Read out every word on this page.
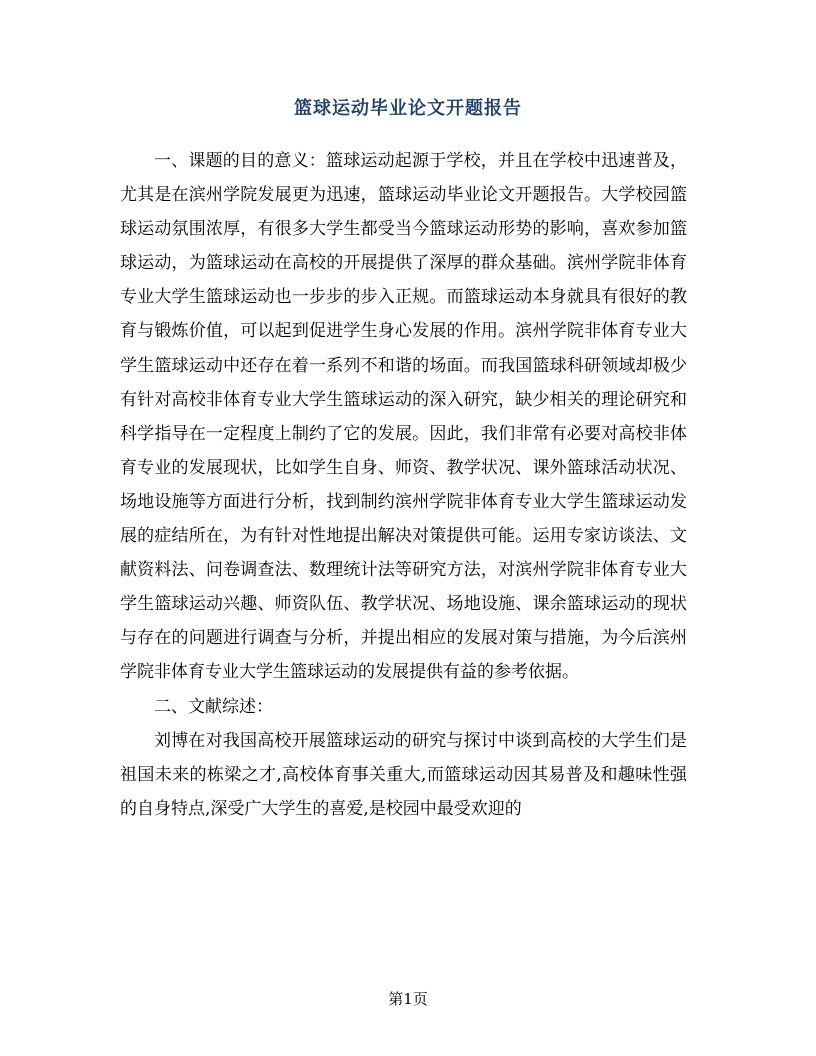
篮球运动毕业论文开题报告

一、课题的目的意义：篮球运动起源于学校，并且在学校中迅速普及，尤其是在滨州学院发展更为迅速，篮球运动毕业论文开题报告。大学校园篮球运动氛围浓厚，有很多大学生都受当今篮球运动形势的影响，喜欢参加篮球运动，为篮球运动在高校的开展提供了深厚的群众基础。滨州学院非体育专业大学生篮球运动也一步步的步入正规。而篮球运动本身就具有很好的教育与锻炼价值，可以起到促进学生身心发展的作用。滨州学院非体育专业大学生篮球运动中还存在着一系列不和谐的场面。而我国篮球科研领域却极少有针对高校非体育专业大学生篮球运动的深入研究，缺少相关的理论研究和科学指导在一定程度上制约了它的发展。因此，我们非常有必要对高校非体育专业的发展现状，比如学生自身、师资、教学状况、课外篮球活动状况、场地设施等方面进行分析，找到制约滨州学院非体育专业大学生篮球运动发展的症结所在，为有针对性地提出解决对策提供可能。运用专家访谈法、文献资料法、问卷调查法、数理统计法等研究方法，对滨州学院非体育专业大学生篮球运动兴趣、师资队伍、教学状况、场地设施、课余篮球运动的现状与存在的问题进行调查与分析，并提出相应的发展对策与措施，为今后滨州学院非体育专业大学生篮球运动的发展提供有益的参考依据。

二、文献综述：

刘博在对我国高校开展篮球运动的研究与探讨中谈到高校的大学生们是祖国未来的栋梁之才,高校体育事关重大,而篮球运动因其易普及和趣味性强的自身特点,深受广大学生的喜爱,是校园中最受欢迎的

第1页
